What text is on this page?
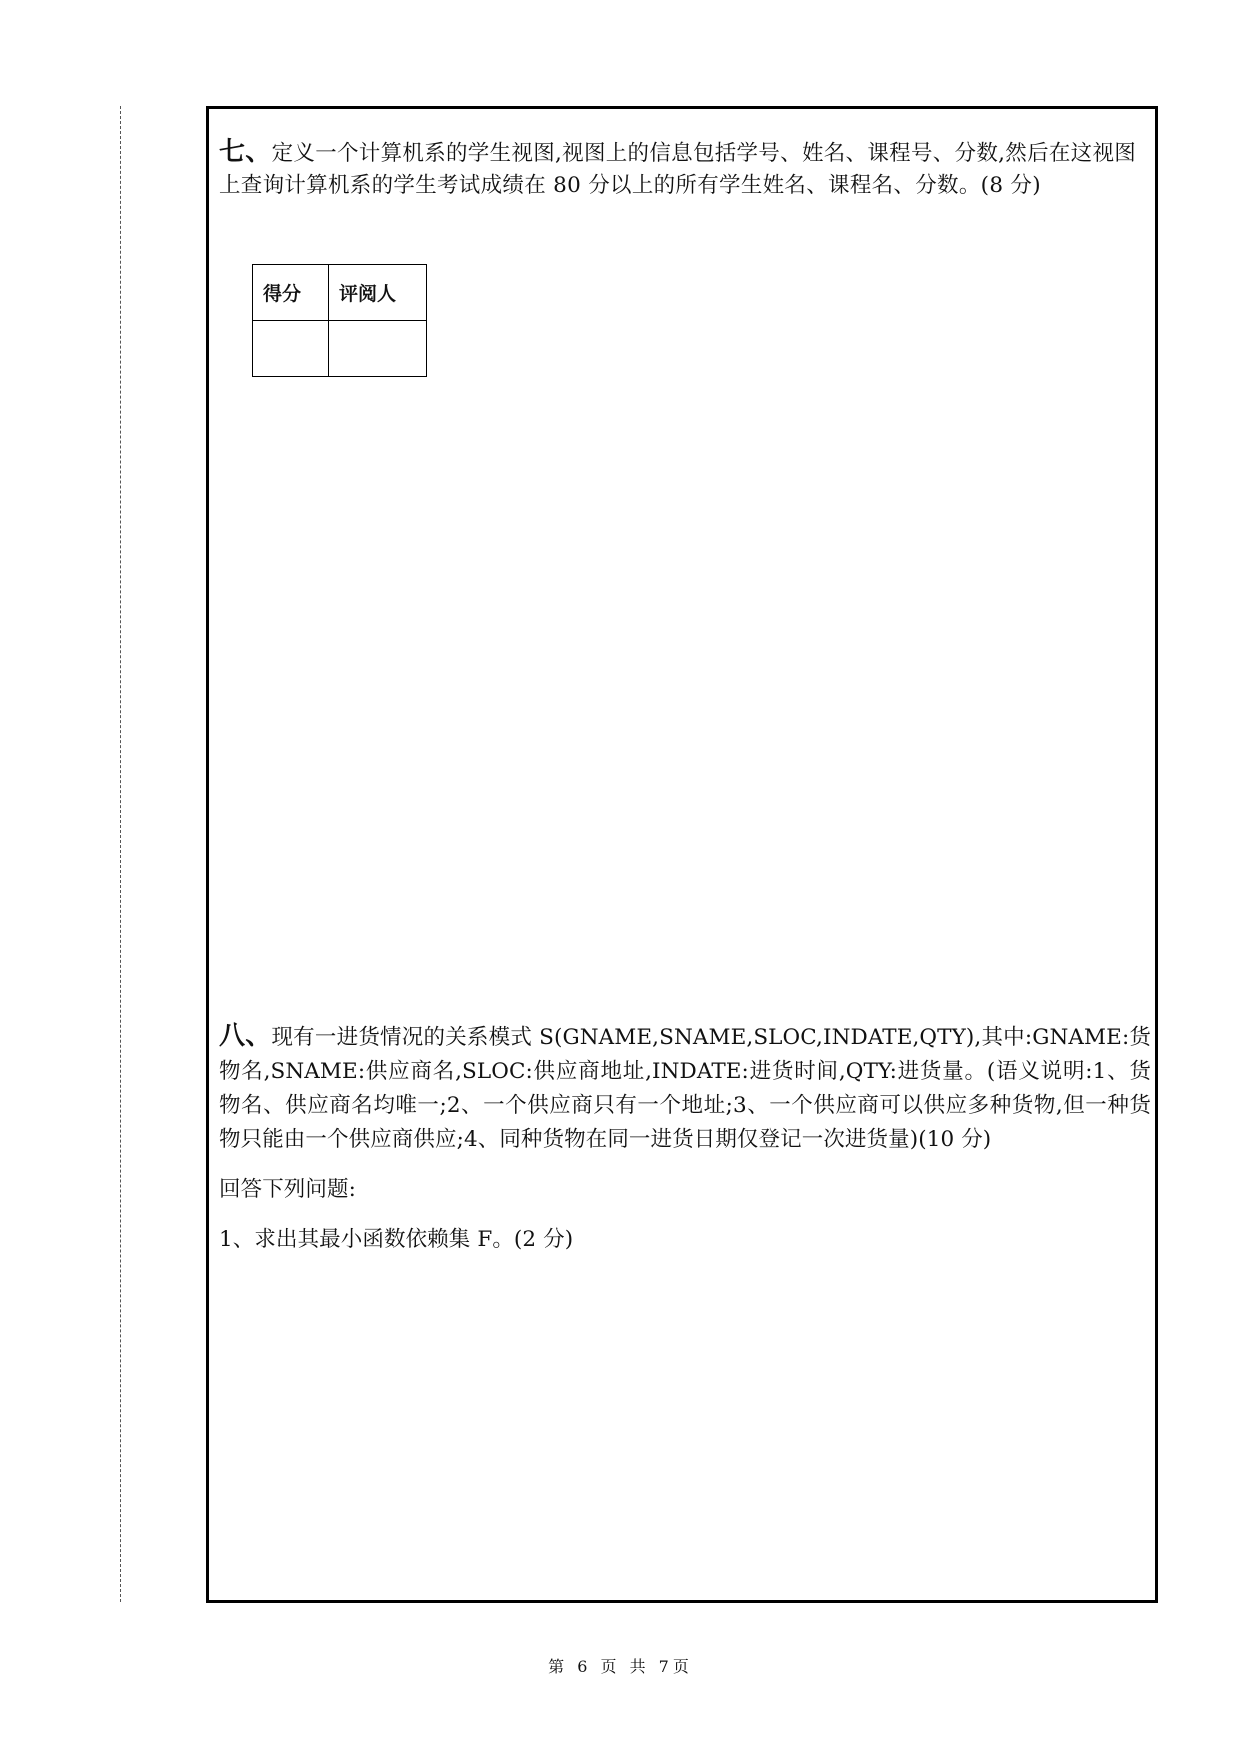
七、定义一个计算机系的学生视图,视图上的信息包括学号、姓名、课程号、分数,然后在这视图上查询计算机系的学生考试成绩在 80 分以上的所有学生姓名、课程名、分数。(8 分)
得分	评阅人

八、现有一进货情况的关系模式 S(GNAME,SNAME,SLOC,INDATE,QTY),其中:GNAME:货物名,SNAME:供应商名,SLOC:供应商地址,INDATE:进货时间,QTY:进货量。(语义说明:1、货物名、供应商名均唯一;2、一个供应商只有一个地址;3、一个供应商可以供应多种货物,但一种货物只能由一个供应商供应;4、同种货物在同一进货日期仅登记一次进货量)(10 分)

回答下列问题:

1、求出其最小函数依赖集 F。(2 分)

第 6 页 共 7页
